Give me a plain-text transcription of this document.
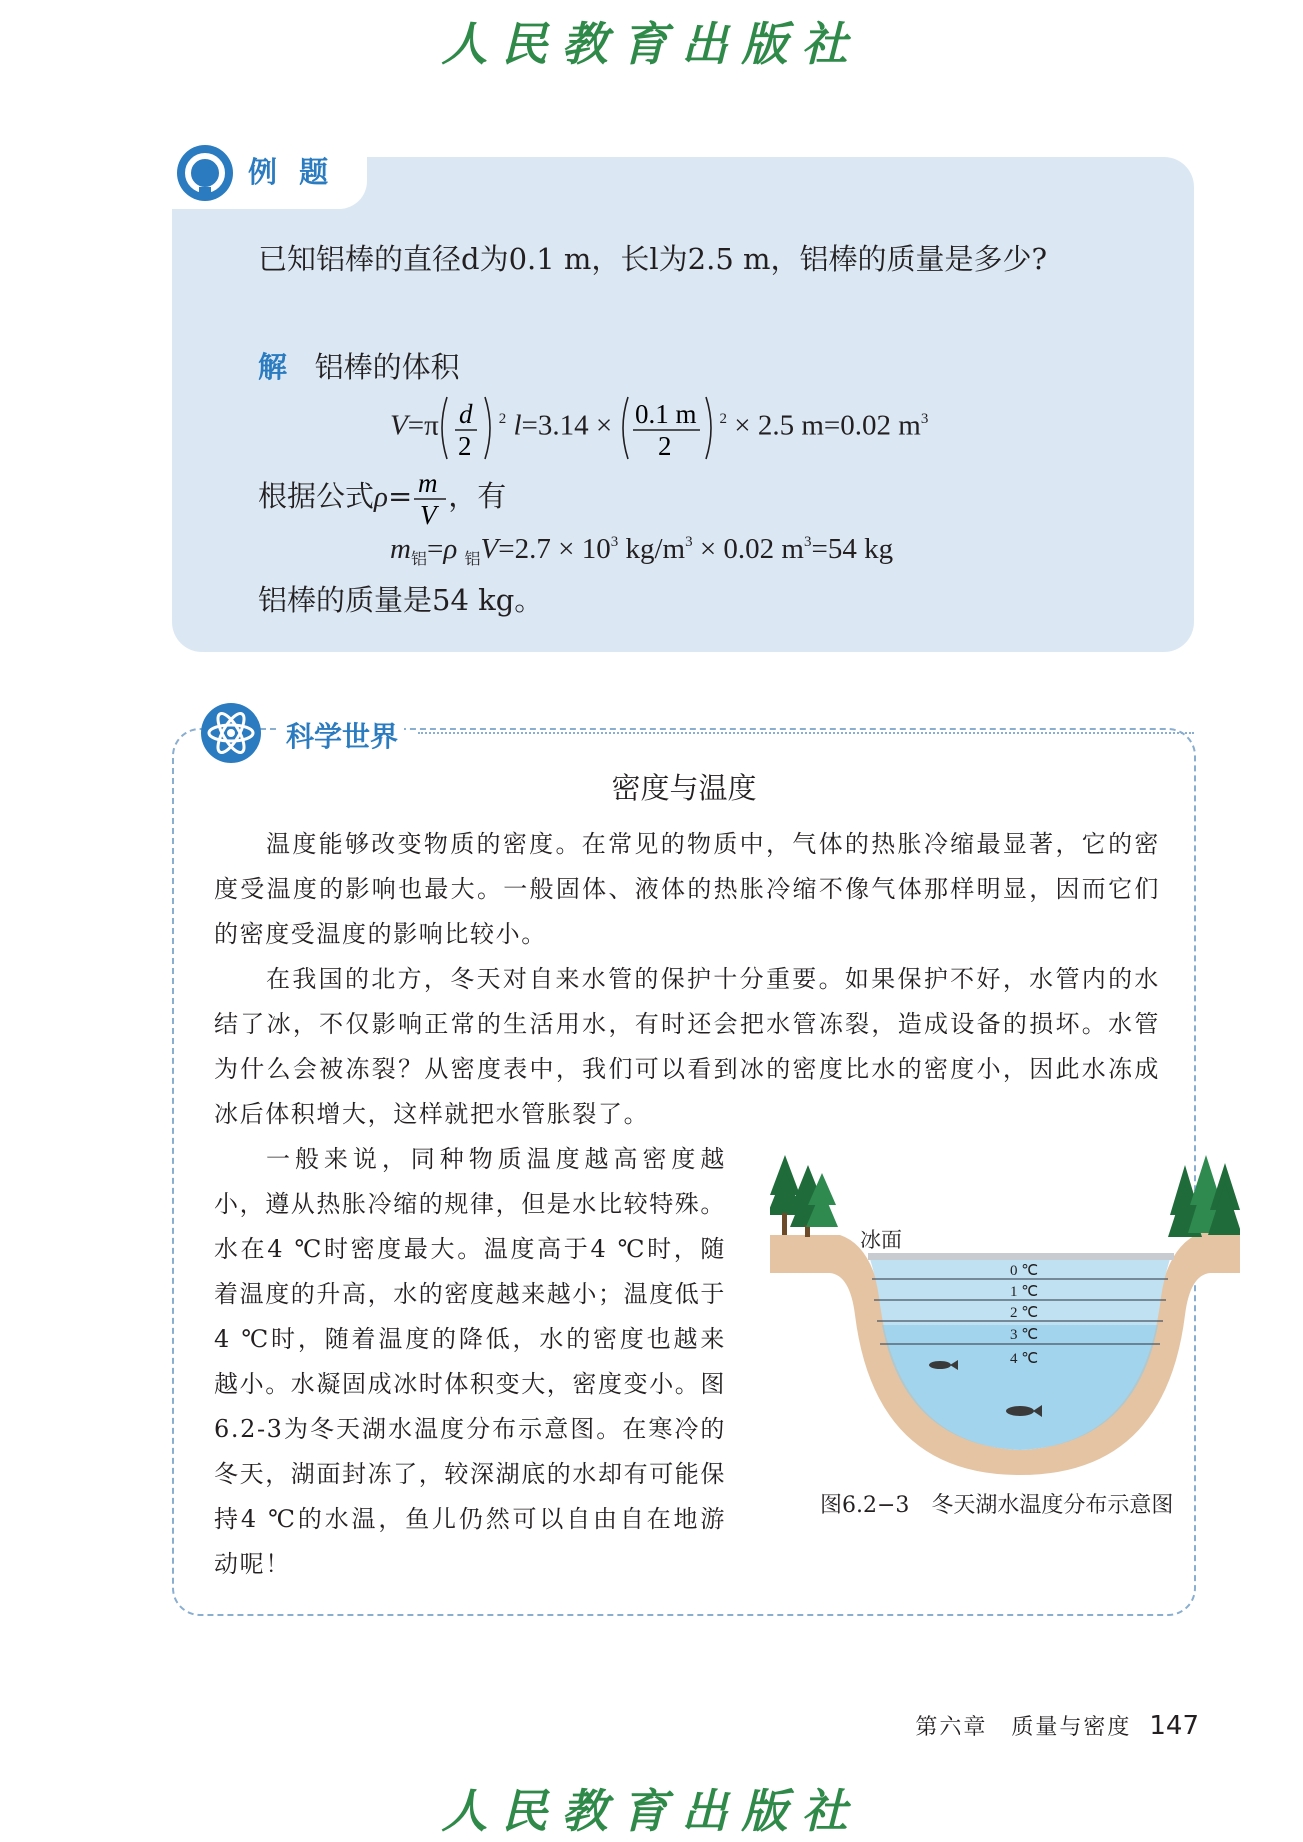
人民教育出版社
例 题
已知铝棒的直径d为0.1 m，长l为2.5 m，铝棒的质量是多少?
解 铝棒的体积
V=π d
2
$^2$ l=3.14 × 0.1 m
2
$^2$ × 2.5 m=0.02 $m^3$
根据公式ρ= m
V
，有
$m_铝=\rho$ $_铝V=2.7 \times 10^3$ $kg/m^3 \times 0.02$ $m^3=54$ kg
铝棒的质量是54 kg。
科学世界
密度与温度
温度能够改变物质的密度。在常见的物质中，气体的热胀冷缩最显著，它的密度受温度的影响也最大。一般固体、液体的热胀冷缩不像气体那样明显，因而它们的密度受温度的影响比较小。
在我国的北方，冬天对自来水管的保护十分重要。如果保护不好，水管内的水结了冰，不仅影响正常的生活用水，有时还会把水管冻裂，造成设备的损坏。水管为什么会被冻裂？从密度表中，我们可以看到冰的密度比水的密度小，因此水冻成冰后体积增大，这样就把水管胀裂了。
一般来说，同种物质温度越高密度越小，遵从热胀冷缩的规律，但是水比较特殊。水在4 ℃时密度最大。温度高于4 ℃时，随着温度的升高，水的密度越来越小；温度低于4 ℃时，随着温度的降低，水的密度也越来越小。水凝固成冰时体积变大，密度变小。图6.2-3为冬天湖水温度分布示意图。在寒冷的冬天，湖面封冻了，较深湖底的水却有可能保持4 ℃的水温，鱼儿仍然可以自由自在地游动呢！
冰面
0 ℃
1 ℃
2 ℃
3 ℃
4 ℃
图6.2−3　冬天湖水温度分布示意图
第六章　质量与密度 147
人民教育出版社
